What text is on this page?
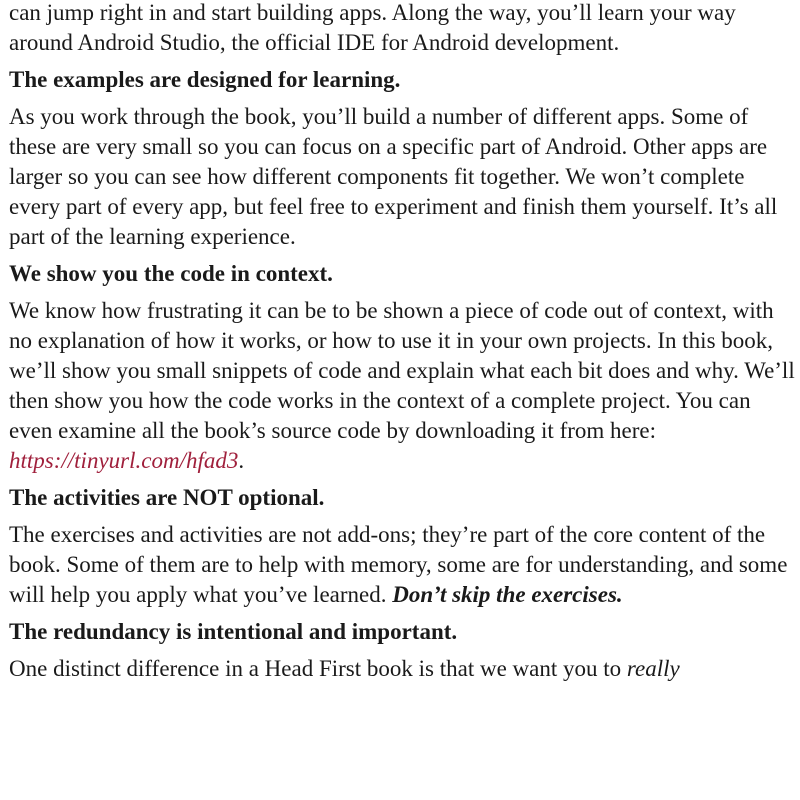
can jump right in and start building apps. Along the way, you’ll learn your way around Android Studio, the official IDE for Android development.

The examples are designed for learning.

As you work through the book, you’ll build a number of different apps. Some of these are very small so you can focus on a specific part of Android. Other apps are larger so you can see how different components fit together. We won’t complete every part of every app, but feel free to experiment and finish them yourself. It’s all part of the learning experience.

We show you the code in context.

We know how frustrating it can be to be shown a piece of code out of context, with no explanation of how it works, or how to use it in your own projects. In this book, we’ll show you small snippets of code and explain what each bit does and why. We’ll then show you how the code works in the context of a complete project. You can even examine all the book’s source code by downloading it from here: https://tinyurl.com/hfad3.

The activities are NOT optional.

The exercises and activities are not add-ons; they’re part of the core content of the book. Some of them are to help with memory, some are for understanding, and some will help you apply what you’ve learned. Don’t skip the exercises.

The redundancy is intentional and important.

One distinct difference in a Head First book is that we want you to really
